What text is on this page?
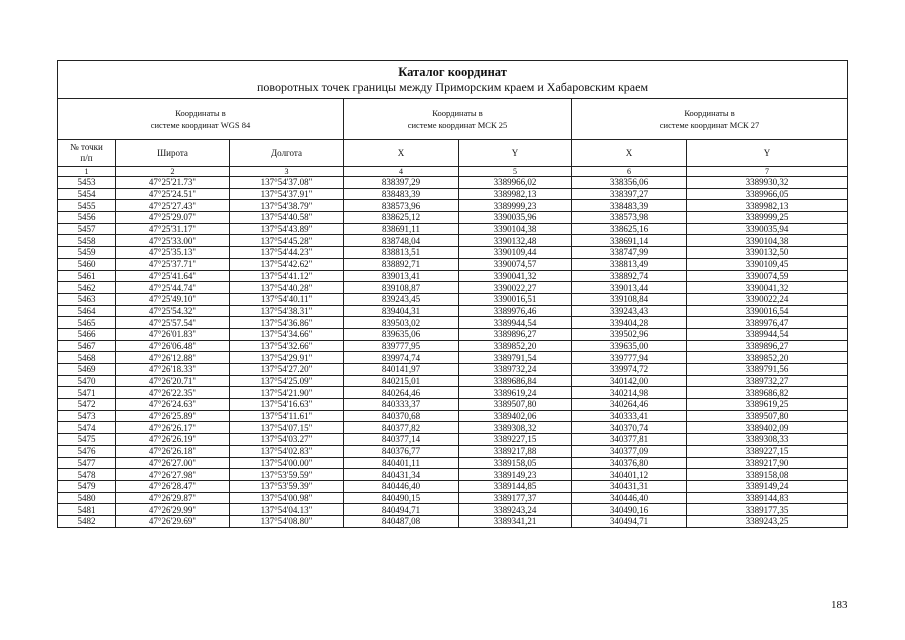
Каталог координат
поворотных точек границы между Приморским краем и Хабаровским краем						

Координаты в
системе координат WGS 84			Координаты в
системе координат МСК 25		Координаты в
системе координат МСК 27	
№ точки
п/п	Широта	Долгота	X	Y	X	Y
1	2	3	4	5	6	7
5453	47°25'21.73"	137°54'37.08"	838397,29	3389966,02	338356,06	3389930,32
5454	47°25'24.51"	137°54'37.91"	838483,39	3389982,13	338397,27	3389966,05
5455	47°25'27.43"	137°54'38.79"	838573,96	3389999,23	338483,39	3389982,13
5456	47°25'29.07"	137°54'40.58"	838625,12	3390035,96	338573,98	3389999,25
5457	47°25'31.17"	137°54'43.89"	838691,11	3390104,38	338625,16	3390035,94
5458	47°25'33.00"	137°54'45.28"	838748,04	3390132,48	338691,14	3390104,38
5459	47°25'35.13"	137°54'44.23"	838813,51	3390109,44	338747,99	3390132,50
5460	47°25'37.71"	137°54'42.62"	838892,71	3390074,57	338813,49	3390109,45
5461	47°25'41.64"	137°54'41.12"	839013,41	3390041,32	338892,74	3390074,59
5462	47°25'44.74"	137°54'40.28"	839108,87	3390022,27	339013,44	3390041,32
5463	47°25'49.10"	137°54'40.11"	839243,45	3390016,51	339108,84	3390022,24
5464	47°25'54.32"	137°54'38.31"	839404,31	3389976,46	339243,43	3390016,54
5465	47°25'57.54"	137°54'36.86"	839503,02	3389944,54	339404,28	3389976,47
5466	47°26'01.83"	137°54'34.66"	839635,06	3389896,27	339502,96	3389944,54
5467	47°26'06.48"	137°54'32.66"	839777,95	3389852,20	339635,00	3389896,27
5468	47°26'12.88"	137°54'29.91"	839974,74	3389791,54	339777,94	3389852,20
5469	47°26'18.33"	137°54'27.20"	840141,97	3389732,24	339974,72	3389791,56
5470	47°26'20.71"	137°54'25.09"	840215,01	3389686,84	340142,00	3389732,27
5471	47°26'22.35"	137°54'21.90"	840264,46	3389619,24	340214,98	3389686,82
5472	47°26'24.63"	137°54'16.63"	840333,37	3389507,80	340264,46	3389619,25
5473	47°26'25.89"	137°54'11.61"	840370,68	3389402,06	340333,41	3389507,80
5474	47°26'26.17"	137°54'07.15"	840377,82	3389308,32	340370,74	3389402,09
5475	47°26'26.19"	137°54'03.27"	840377,14	3389227,15	340377,81	3389308,33
5476	47°26'26.18"	137°54'02.83"	840376,77	3389217,88	340377,09	3389227,15
5477	47°26'27.00"	137°54'00.00"	840401,11	3389158,05	340376,80	3389217,90
5478	47°26'27.98"	137°53'59.59"	840431,34	3389149,23	340401,12	3389158,08
5479	47°26'28.47"	137°53'59.39"	840446,40	3389144,85	340431,31	3389149,24
5480	47°26'29.87"	137°54'00.98"	840490,15	3389177,37	340446,40	3389144,83
5481	47°26'29.99"	137°54'04.13"	840494,71	3389243,24	340490,16	3389177,35
5482	47°26'29.69"	137°54'08.80"	840487,08	3389341,21	340494,71	3389243,25
183
